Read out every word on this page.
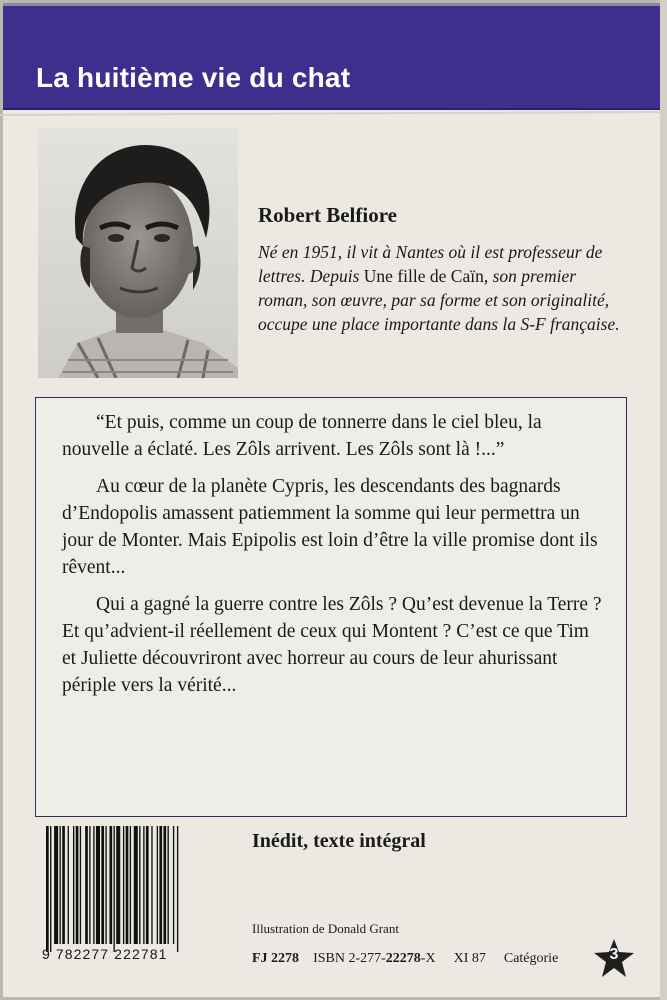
La huitième vie du chat
Robert Belfiore
Né en 1951, il vit à Nantes où il est professeur de lettres. Depuis Une fille de Caïn, son premier roman, son œuvre, par sa forme et son originalité, occupe une place importante dans la S-F française.

“Et puis, comme un coup de tonnerre dans le ciel bleu, la nouvelle a éclaté. Les Zôls arrivent. Les Zôls sont là !...”

Au cœur de la planète Cypris, les descendants des bagnards d’Endopolis amassent patiemment la somme qui leur permettra un jour de Monter. Mais Epipolis est loin d’être la ville promise dont ils rêvent...

Qui a gagné la guerre contre les Zôls ? Qu’est devenue la Terre ? Et qu’advient-il réellement de ceux qui Montent ? C’est ce que Tim et Juliette découvriront avec horreur au cours de leur ahurissant périple vers la vérité...

9 782277 222781
Inédit, texte intégral
Illustration de Donald Grant
FJ 2278 ISBN 2-277-22278-X XI 87 Catégorie	3
